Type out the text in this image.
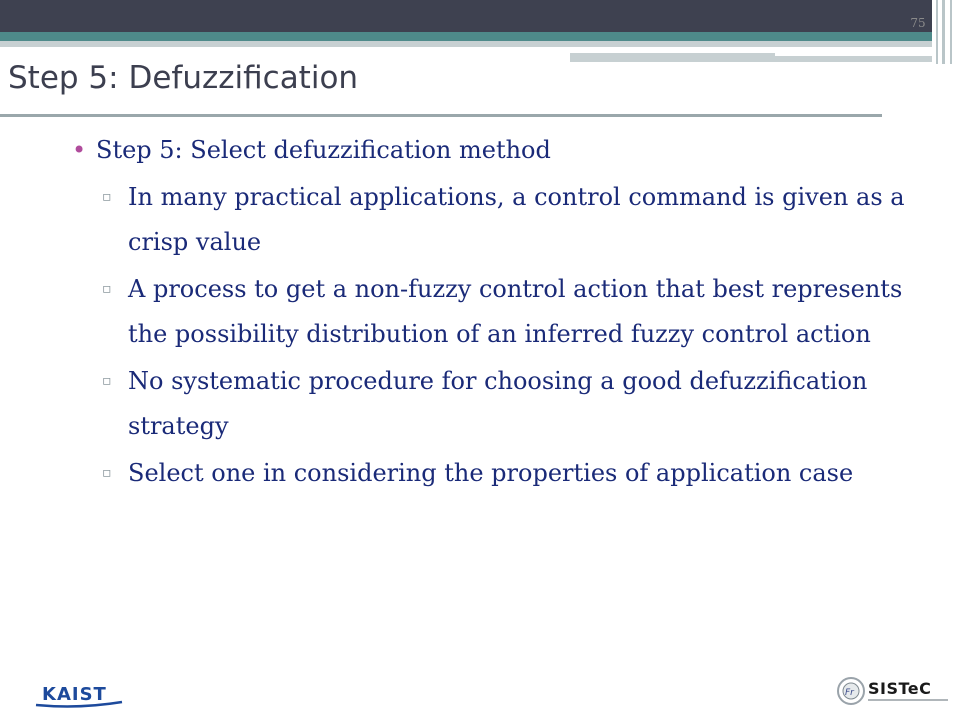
75
Step 5: Defuzzification
• Step 5: Select defuzzification method
▫ In many practical applications, a control command is given as a crisp value
▫ A process to get a non-fuzzy control action that best represents the possibility distribution of an inferred fuzzy control action
▫ No systematic procedure for choosing a good defuzzification strategy
▫ Select one in considering the properties of application case
KAIST	Fr SISTeC
